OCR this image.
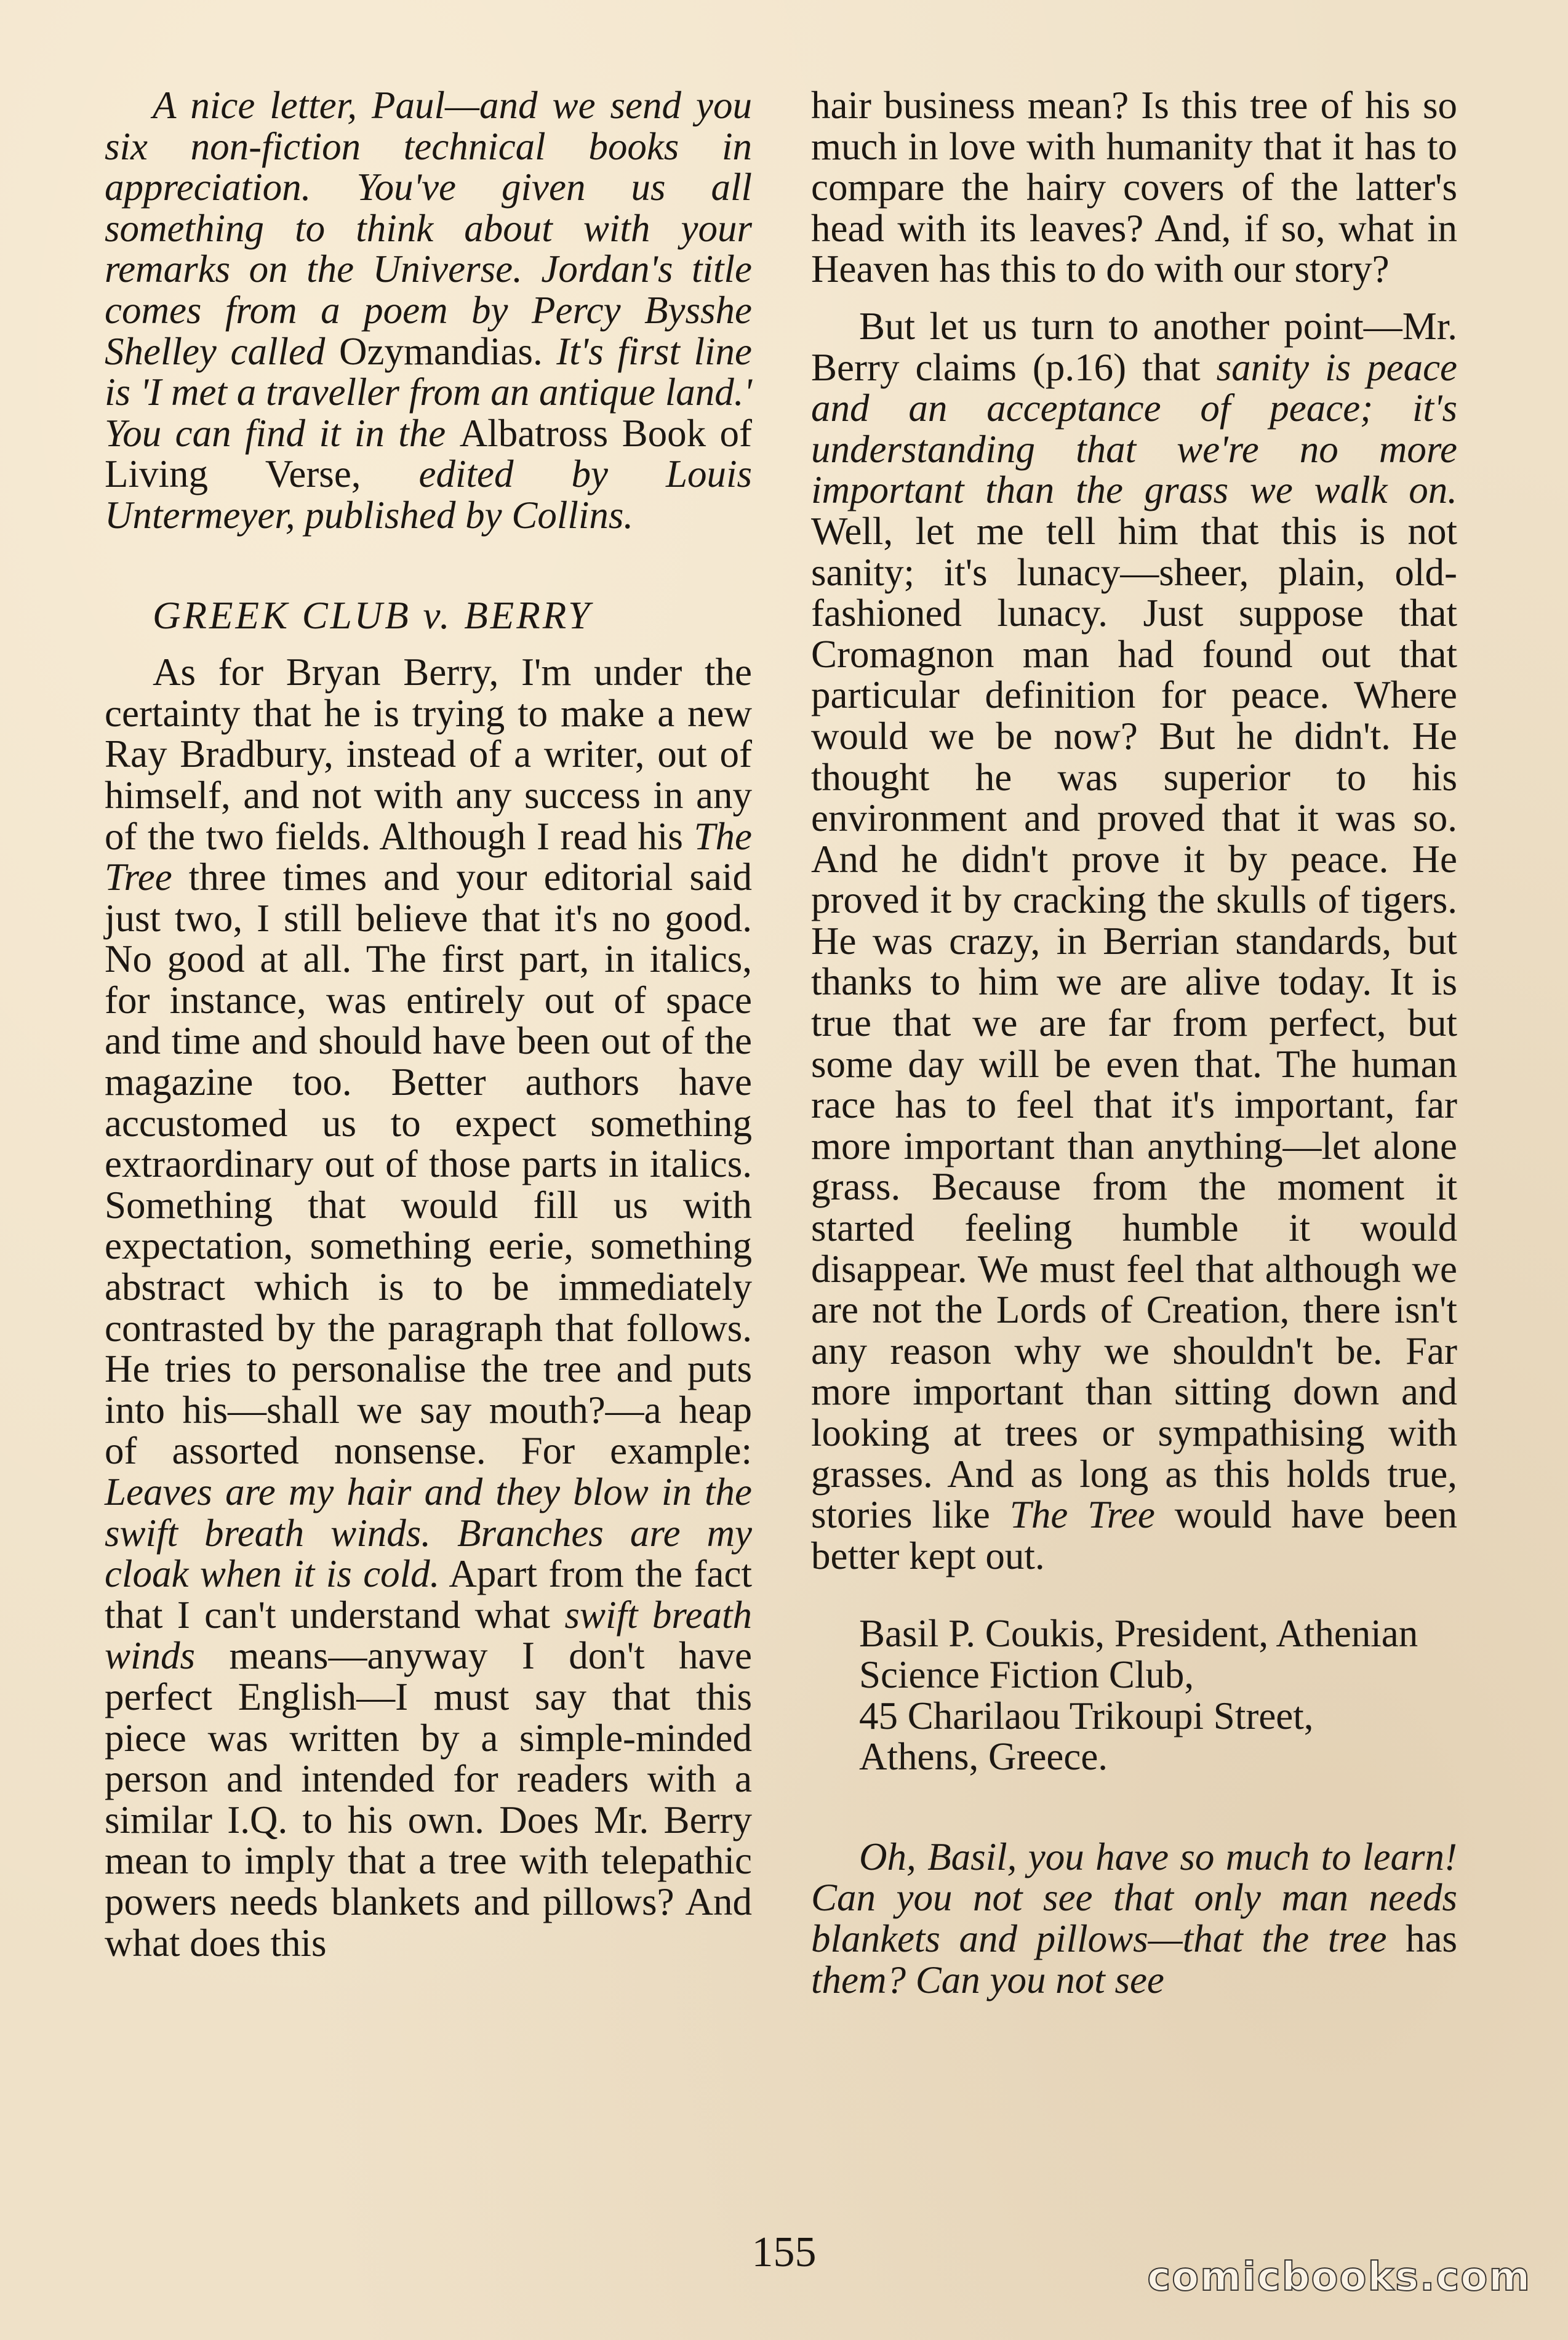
A nice letter, Paul—and we send you six non-fiction technical books in appreciation. You've given us all something to think about with your remarks on the Universe. Jordan's title comes from a poem by Percy Bysshe Shelley called Ozymandias. It's first line is 'I met a traveller from an antique land.' You can find it in the Albatross Book of Living Verse, edited by Louis Untermeyer, published by Collins.

GREEK CLUB v. BERRY

As for Bryan Berry, I'm under the certainty that he is trying to make a new Ray Bradbury, instead of a writer, out of himself, and not with any success in any of the two fields. Although I read his The Tree three times and your editorial said just two, I still believe that it's no good. No good at all. The first part, in italics, for instance, was entirely out of space and time and should have been out of the magazine too. Better authors have accustomed us to expect something extraordinary out of those parts in italics. Something that would fill us with expectation, something eerie, something abstract which is to be immediately contrasted by the paragraph that follows. He tries to personalise the tree and puts into his—shall we say mouth?—a heap of assorted nonsense. For example: Leaves are my hair and they blow in the swift breath winds. Branches are my cloak when it is cold. Apart from the fact that I can't understand what swift breath winds means—anyway I don't have perfect English—I must say that this piece was written by a simple-minded person and intended for readers with a similar I.Q. to his own. Does Mr. Berry mean to imply that a tree with telepathic powers needs blankets and pillows? And what does this

hair business mean? Is this tree of his so much in love with humanity that it has to compare the hairy covers of the latter's head with its leaves? And, if so, what in Heaven has this to do with our story?

But let us turn to another point—Mr. Berry claims (p.16) that sanity is peace and an acceptance of peace; it's understanding that we're no more important than the grass we walk on. Well, let me tell him that this is not sanity; it's lunacy—sheer, plain, old-fashioned lunacy. Just suppose that Cromagnon man had found out that particular definition for peace. Where would we be now? But he didn't. He thought he was superior to his environment and proved that it was so. And he didn't prove it by peace. He proved it by cracking the skulls of tigers. He was crazy, in Berrian standards, but thanks to him we are alive today. It is true that we are far from perfect, but some day will be even that. The human race has to feel that it's important, far more important than anything—let alone grass. Because from the moment it started feeling humble it would disappear. We must feel that although we are not the Lords of Creation, there isn't any reason why we shouldn't be. Far more important than sitting down and looking at trees or sympathising with grasses. And as long as this holds true, stories like The Tree would have been better kept out.

Basil P. Coukis, President, Athenian

Science Fiction Club,

45 Charilaou Trikoupi Street,

Athens, Greece.

Oh, Basil, you have so much to learn! Can you not see that only man needs blankets and pillows—that the tree has them? Can you not see

155
comicbooks.com
